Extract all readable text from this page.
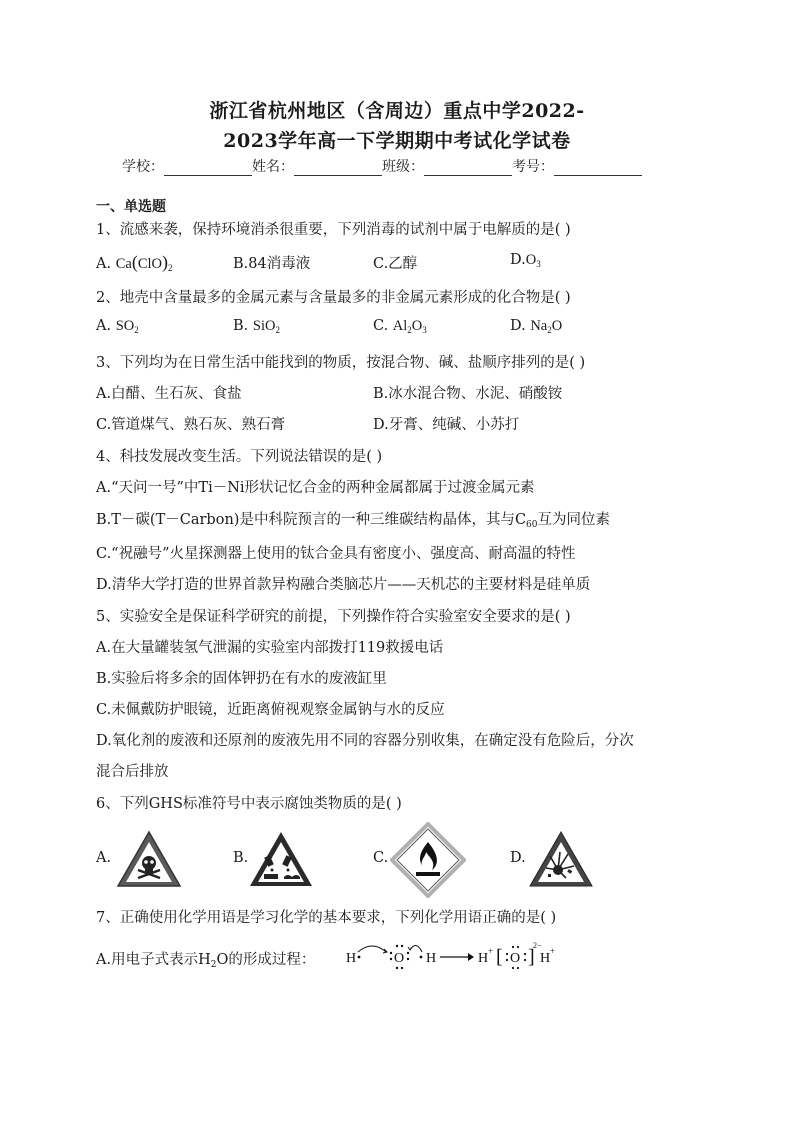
浙江省杭州地区（含周边）重点中学2022-
2023学年高一下学期期中考试化学试卷
学校：	姓名：	班级：	考号：
一、单选题
1、流感来袭，保持环境消杀很重要，下列消毒的试剂中属于电解质的是( )
A. $Ca(ClO)_2$	B.84消毒液	C.乙醇	$D.O_3$
2、地壳中含量最多的金属元素与含量最多的非金属元素形成的化合物是( )
A. $SO_2$	B. SiO$_2$	C. $Al_2O_3$	D. $Na_2O$
3、下列均为在日常生活中能找到的物质，按混合物、碱、盐顺序排列的是( )
A.白醋、生石灰、食盐	B.冰水混合物、水泥、硝酸铵
C.管道煤气、熟石灰、熟石膏	D.牙膏、纯碱、小苏打
4、科技发展改变生活。下列说法错误的是( )
A.“天问一号”中Ti－Ni形状记忆合金的两种金属都属于过渡金属元素
B.T－碳(T－Carbon)是中科院预言的一种三维碳结构晶体，其与$C_{60}$互为同位素
C.“祝融号”火星探测器上使用的钛合金具有密度小、强度高、耐高温的特性
D.清华大学打造的世界首款异构融合类脑芯片——天机芯的主要材料是硅单质
5、实验安全是保证科学研究的前提，下列操作符合实验室安全要求的是( )
A.在大量罐装氢气泄漏的实验室内部拨打119救援电话
B.实验后将多余的固体钾扔在有水的废液缸里
C.未佩戴防护眼镜，近距离俯视观察金属钠与水的反应
D.氧化剂的废液和还原剂的废液先用不同的容器分别收集，在确定没有危险后，分次
混合后排放
6、下列GHS标准符号中表示腐蚀类物质的是( )
A.	B.	C.	D.
7、正确使用化学用语是学习化学的基本要求，下列化学用语正确的是( )
A.用电子式表示$H_2O$的形成过程： H	O H	H	H
+ [ O ]
2−
+
